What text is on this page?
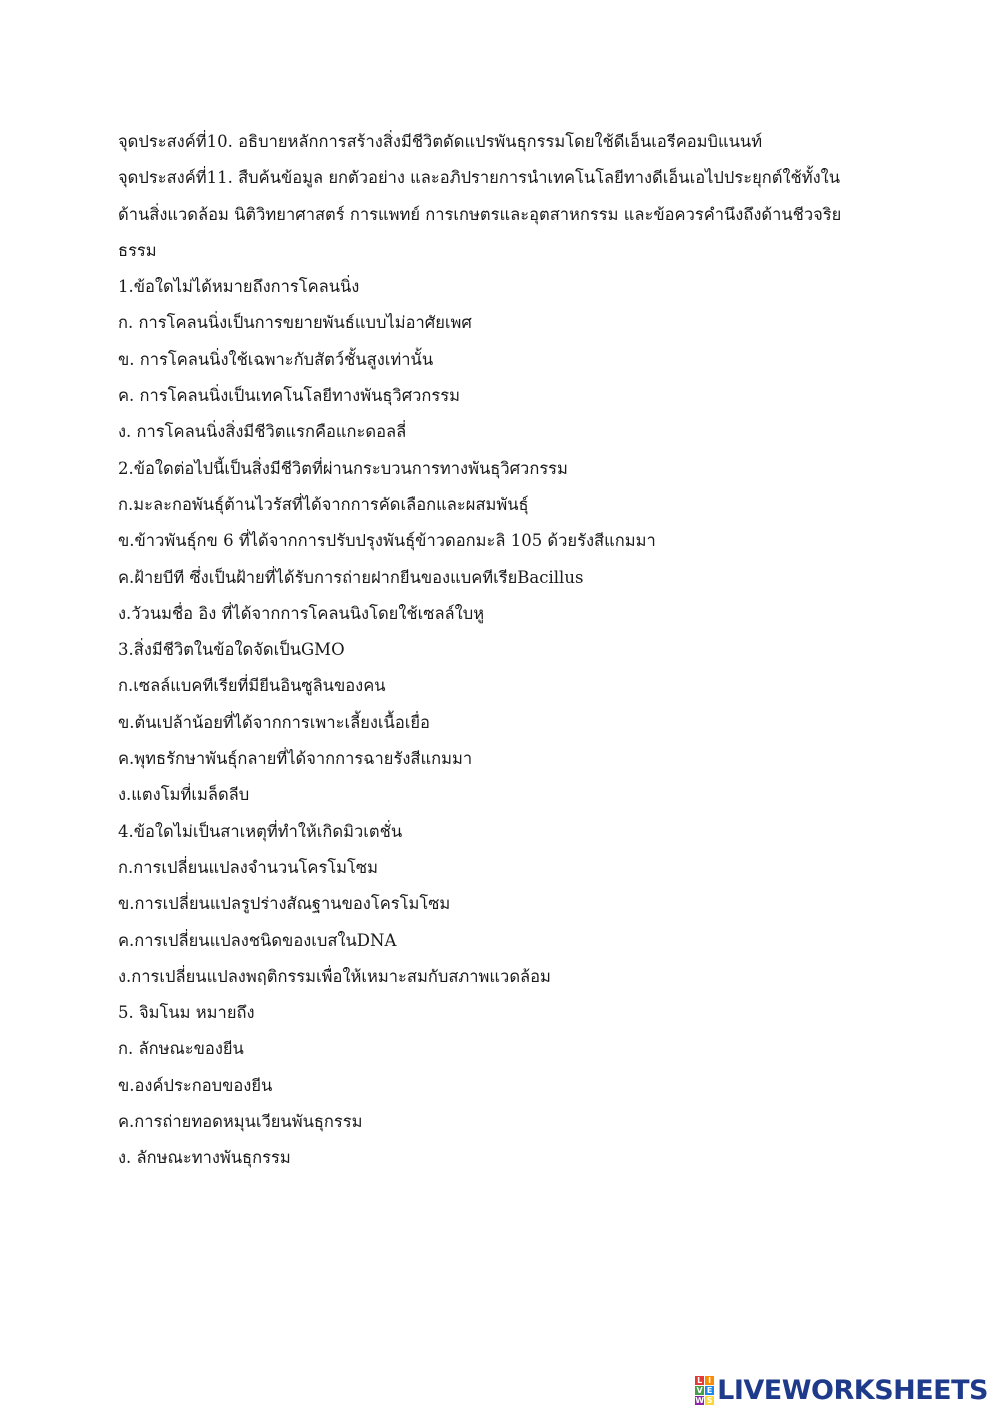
จุดประสงค์ที่10. อธิบายหลักการสร้างสิ่งมีชีวิตดัดแปรพันธุกรรมโดยใช้ดีเอ็นเอรีคอมบิแนนท์
จุดประสงค์ที่11. สืบค้นข้อมูล ยกตัวอย่าง และอภิปรายการนำเทคโนโลยีทางดีเอ็นเอไปประยุกต์ใช้ทั้งใน
ด้านสิ่งแวดล้อม นิติวิทยาศาสตร์ การแพทย์ การเกษตรและอุตสาหกรรม และข้อควรคำนึงถึงด้านชีวจริย
ธรรม
1.ข้อใดไม่ได้หมายถึงการโคลนนิ่ง
ก. การโคลนนิ่งเป็นการขยายพันธ์แบบไม่อาศัยเพศ
ข. การโคลนนิ่งใช้เฉพาะกับสัตว์ชั้นสูงเท่านั้น
ค. การโคลนนิ่งเป็นเทคโนโลยีทางพันธุวิศวกรรม
ง. การโคลนนิ่งสิ่งมีชีวิตแรกคือแกะดอลลี่
2.ข้อใดต่อไปนี้เป็นสิ่งมีชีวิตที่ผ่านกระบวนการทางพันธุวิศวกรรม
ก.มะละกอพันธุ์ต้านไวรัสที่ได้จากการคัดเลือกและผสมพันธุ์
ข.ข้าวพันธุ์กข 6 ที่ได้จากการปรับปรุงพันธุ์ข้าวดอกมะลิ 105 ด้วยรังสีแกมมา
ค.ฝ้ายบีที ซึ่งเป็นฝ้ายที่ได้รับการถ่ายฝากยีนของแบคทีเรียBacillus
ง.วัวนมชื่อ อิง ที่ได้จากการโคลนนิงโดยใช้เซลล์ใบหู
3.สิ่งมีชีวิตในข้อใดจัดเป็นGMO
ก.เซลล์แบคทีเรียที่มียีนอินซูลินของคน
ข.ต้นเปล้าน้อยที่ได้จากการเพาะเลี้ยงเนื้อเยื่อ
ค.พุทธรักษาพันธุ์กลายที่ได้จากการฉายรังสีแกมมา
ง.แตงโมที่เมล็ดลีบ
4.ข้อใดไม่เป็นสาเหตุที่ทำให้เกิดมิวเตชั่น
ก.การเปลี่ยนแปลงจำนวนโครโมโซม
ข.การเปลี่ยนแปลรูปร่างสัณฐานของโครโมโซม
ค.การเปลี่ยนแปลงชนิดของเบสในDNA
ง.การเปลี่ยนแปลงพฤติกรรมเพื่อให้เหมาะสมกับสภาพแวดล้อม
5. จิมโนม หมายถึง
ก. ลักษณะของยีน
ข.องค์ประกอบของยีน
ค.การถ่ายทอดหมุนเวียนพันธุกรรม
ง. ลักษณะทางพันธุกรรม
L I
V E
W S LIVEWORKSHEETS
